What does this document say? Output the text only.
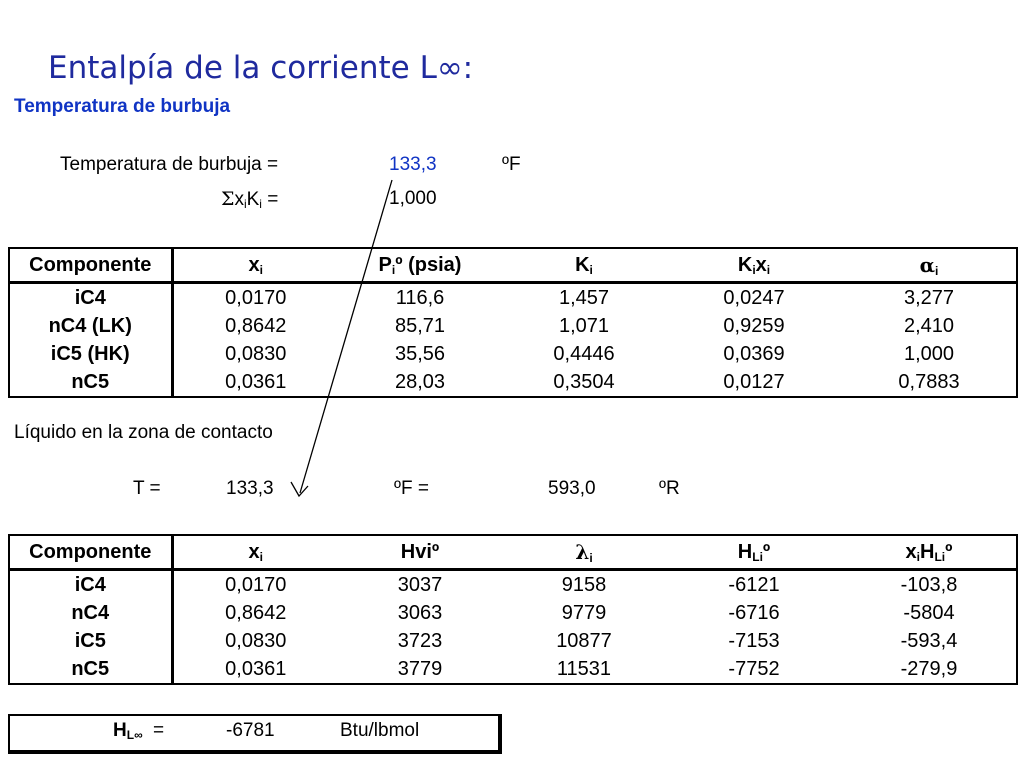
Entalpía de la corriente L∞:
Temperatura de burbuja
Temperatura de burbuja =	133,3	ºF
$\Sigma x_iK_i$ =	1,000
Componente	$x_i$	$P_iº$ (psia)	$K_i$	$K_ix_i$	$\alpha_i$
iC4	0,0170	116,6	1,457	0,0247	3,277
nC4 (LK)	0,8642	85,71	1,071	0,9259	2,410
iC5 (HK)	0,0830	35,56	0,4446	0,0369	1,000
nC5	0,0361	28,03	0,3504	0,0127	0,7883
Líquido en la zona de contacto
T =	133,3	ºF =	593,0	ºR
Componente	$x_i$	Hviº	$\lambda_i$	$H_{Li}º$	$x_iH_{Li}º$
iC4	0,0170	3037	9158	-6121	-103,8
nC4	0,8642	3063	9779	-6716	-5804
iC5	0,0830	3723	10877	-7153	-593,4
nC5	0,0361	3779	11531	-7752	-279,9
$H_{L\infty}$ =	-6781	Btu/lbmol
